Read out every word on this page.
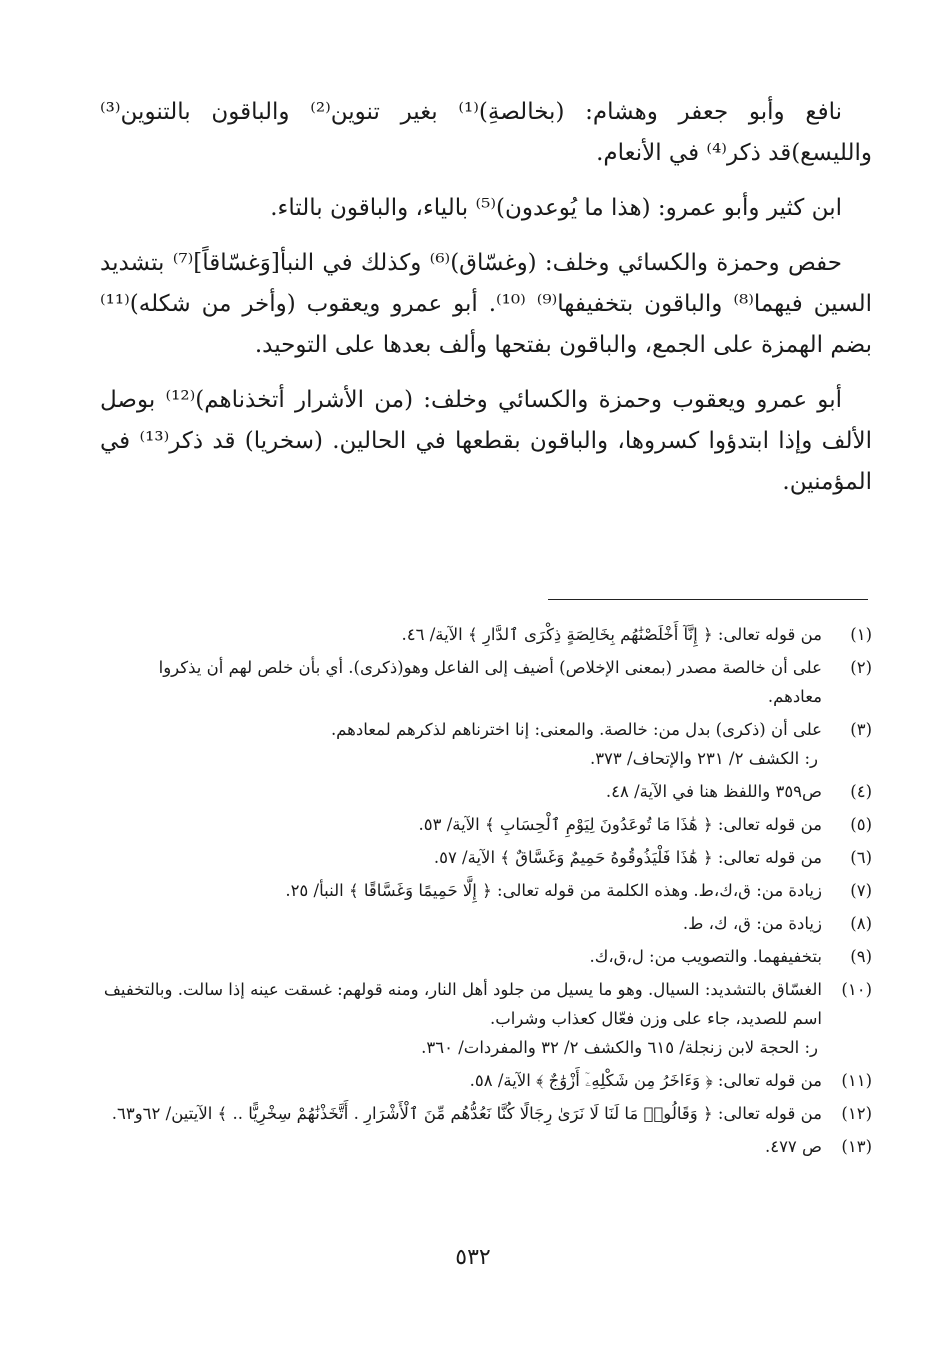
نافع وأبو جعفر وهشام: (بخالصةِ)⁽¹⁾ بغير تنوين⁽²⁾ والباقون بالتنوين⁽³⁾ والليسع)قد ذكر⁽⁴⁾ في الأنعام.

ابن كثير وأبو عمرو: (هذا ما يُوعدون)⁽⁵⁾ بالياء، والباقون بالتاء.

حفص وحمزة والكسائي وخلف: (وغسّاق)⁽⁶⁾ وكذلك في النبأ[وَغسّاقاً]⁽⁷⁾ بتشديد السين فيهما⁽⁸⁾ والباقون بتخفيفها⁽⁹⁾ ⁽¹⁰⁾. أبو عمرو ويعقوب (وأخر من شكله)⁽¹¹⁾ بضم الهمزة على الجمع، والباقون بفتحها وألف بعدها على التوحيد.

أبو عمرو ويعقوب وحمزة والكسائي وخلف: (من الأشرار أتخذناهم)⁽¹²⁾ بوصل الألف وإذا ابتدؤوا كسروها، والباقون بقطعها في الحالين. (سخريا) قد ذكر⁽¹³⁾ في المؤمنين.

(١)
من قوله تعالى: ﴿ إِنَّآ أَخْلَصْنَٰهُم بِخَالِصَةٍ ذِكْرَى ٱلدَّارِ ﴾ الآية/ ٤٦.
(٢)
على أن خالصة مصدر (بمعنى الإخلاص) أضيف إلى الفاعل وهو(ذكرى). أي بأن خلص لهم أن يذكروا معادهم.
(٣)
على أن (ذكرى) بدل من: خالصة. والمعنى: إنا اخترناهم لذكرهم لمعادهم.
ر: الكشف ٢/ ٢٣١ والإتحاف/ ٣٧٣.
(٤)
ص٣٥٩ واللفظ هنا في الآية/ ٤٨.
(٥)
من قوله تعالى: ﴿ هَٰذَا مَا تُوعَدُونَ لِيَوْمِ ٱلْحِسَابِ ﴾ الآية/ ٥٣.
(٦)
من قوله تعالى: ﴿ هَٰذَا فَلْيَذُوقُوهُ حَمِيمٌ وَغَسَّاقٌ ﴾ الآية/ ٥٧.
(٧)
زيادة من: ق،ك،ط. وهذه الكلمة من قوله تعالى: ﴿ إِلَّا حَمِيمًا وَغَسَّاقًا ﴾ النبأ/ ٢٥.
(٨)
زيادة من: ق، ك، ط.
(٩)
بتخفيفهما. والتصويب من: ل،ق،ك.
(١٠)
الغسّاق بالتشديد: السيال. وهو ما يسيل من جلود أهل النار، ومنه قولهم: غسقت عينه إذا سالت. وبالتخفيف اسم للصديد، جاء على وزن فعّال كعذاب وشراب.
ر: الحجة لابن زنجلة/ ٦١٥ والكشف ٢/ ٣٢ والمفردات/ ٣٦٠.
(١١)
من قوله تعالى: ﴿ وَءَاخَرُ مِن شَكْلِهِۦٓ أَزْوَٰجٌ ﴾ الآية/ ٥٨.
(١٢)
من قوله تعالى: ﴿ وَقَالُوا۟ مَا لَنَا لَا نَرَىٰ رِجَالًا كُنَّا نَعُدُّهُم مِّنَ ٱلْأَشْرَارِ . أَتَّخَذْنَٰهُمْ سِخْرِيًّا .. ﴾ الآيتين/ ٦٢و٦٣.
(١٣)
ص ٤٧٧.
٥٣٢
